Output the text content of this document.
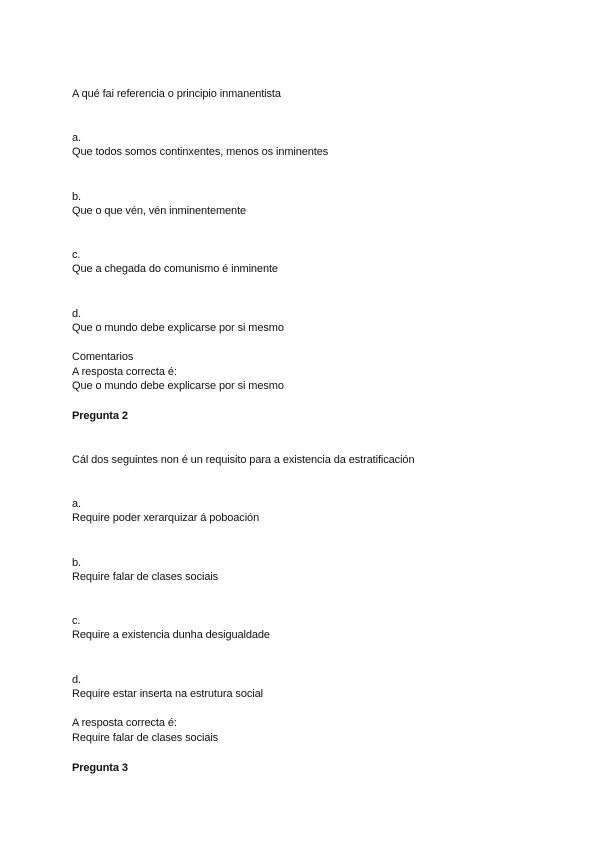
A qué fai referencia o principio inmanentista
a.
Que todos somos continxentes, menos os inminentes
b.
Que o que vén, vén inminentemente
c.
Que a chegada do comunismo é inminente
d.
Que o mundo debe explicarse por si mesmo
Comentarios
A resposta correcta é:
Que o mundo debe explicarse por si mesmo
Pregunta 2
Cál dos seguintes non é un requisito para a existencia da estratificación
a.
Require poder xerarquizar á poboación
b.
Require falar de clases sociais
c.
Require a existencia dunha desigualdade
d.
Require estar inserta na estrutura social
A resposta correcta é:
Require falar de clases sociais
Pregunta 3
